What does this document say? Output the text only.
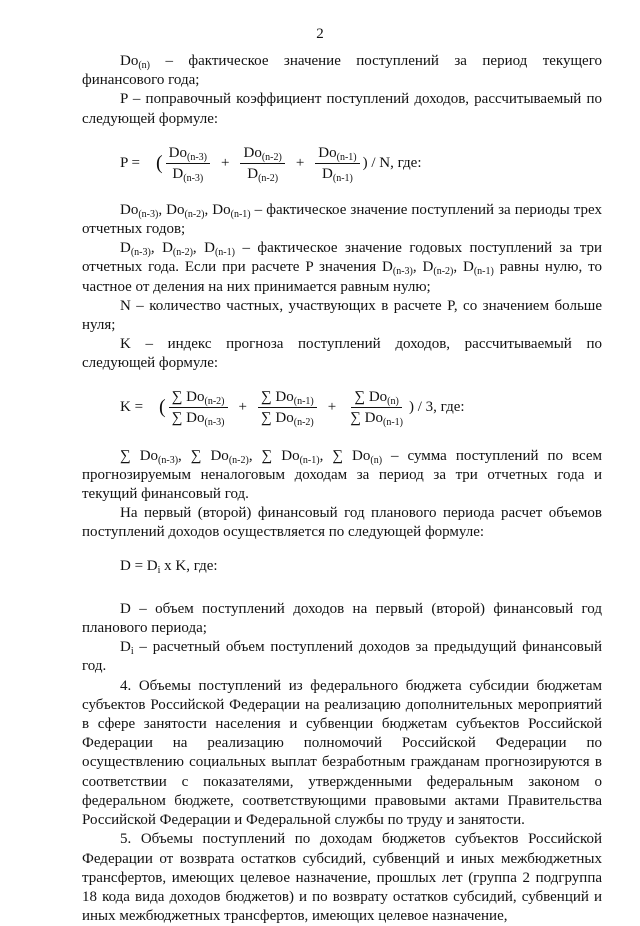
2

$Do_{(n)}$ – фактическое значение поступлений за период текущего финансового года;

P – поправочный коэффициент поступлений доходов, рассчитываемый по следующей формуле:

P = ( $\frac{Do_{(n-3)}}{D_{(n-3)}} + \frac{Do_{(n-2)}}{D_{(n-2)}} + \frac{Do_{(n-1)}}{D_{(n-1)}}$ ) / N, где:

$Do_{(n-3)}$, $Do_{(n-2)}$, $Do_{(n-1)}$ – фактическое значение поступлений за периоды трех отчетных годов;

$D_{(n-3)}$, $D_{(n-2)}$, $D_{(n-1)}$ – фактическое значение годовых поступлений за три отчетных года. Если при расчете P значения $D_{(n-3)}$, $D_{(n-2)}$, $D_{(n-1)}$ равны нулю, то частное от деления на них принимается равным нулю;

N – количество частных, участвующих в расчете P, со значением больше нуля;

K – индекс прогноза поступлений доходов, рассчитываемый по следующей формуле:

K = ( $\frac{\sum Do_{(n-2)}}{\sum Do_{(n-3)}} + \frac{\sum Do_{(n-1)}}{\sum Do_{(n-2)}} + \frac{\sum Do_{(n)}}{\sum Do_{(n-1)}}$ ) / 3, где:

∑ $Do_{(n-3)}$, ∑ $Do_{(n-2)}$, ∑ $Do_{(n-1)}$, ∑ $Do_{(n)}$ – сумма поступлений по всем прогнозируемым неналоговым доходам за период за три отчетных года и текущий финансовый год.

На первый (второй) финансовый год планового периода расчет объемов поступлений доходов осуществляется по следующей формуле:

$D = D_i$ x K, где:

D – объем поступлений доходов на первый (второй) финансовый год планового периода;

$D_i$ – расчетный объем поступлений доходов за предыдущий финансовый год.

4. Объемы поступлений из федерального бюджета субсидии бюджетам субъектов Российской Федерации на реализацию дополнительных мероприятий в сфере занятости населения и субвенции бюджетам субъектов Российской Федерации на реализацию полномочий Российской Федерации по осуществлению социальных выплат безработным гражданам прогнозируются в соответствии с показателями, утвержденными федеральным законом о федеральном бюджете, соответствующими правовыми актами Правительства Российской Федерации и Федеральной службы по труду и занятости.

5. Объемы поступлений по доходам бюджетов субъектов Российской Федерации от возврата остатков субсидий, субвенций и иных межбюджетных трансфертов, имеющих целевое назначение, прошлых лет (группа 2 подгруппа 18 кода вида доходов бюджетов) и по возврату остатков субсидий, субвенций и иных межбюджетных трансфертов, имеющих целевое назначение,
